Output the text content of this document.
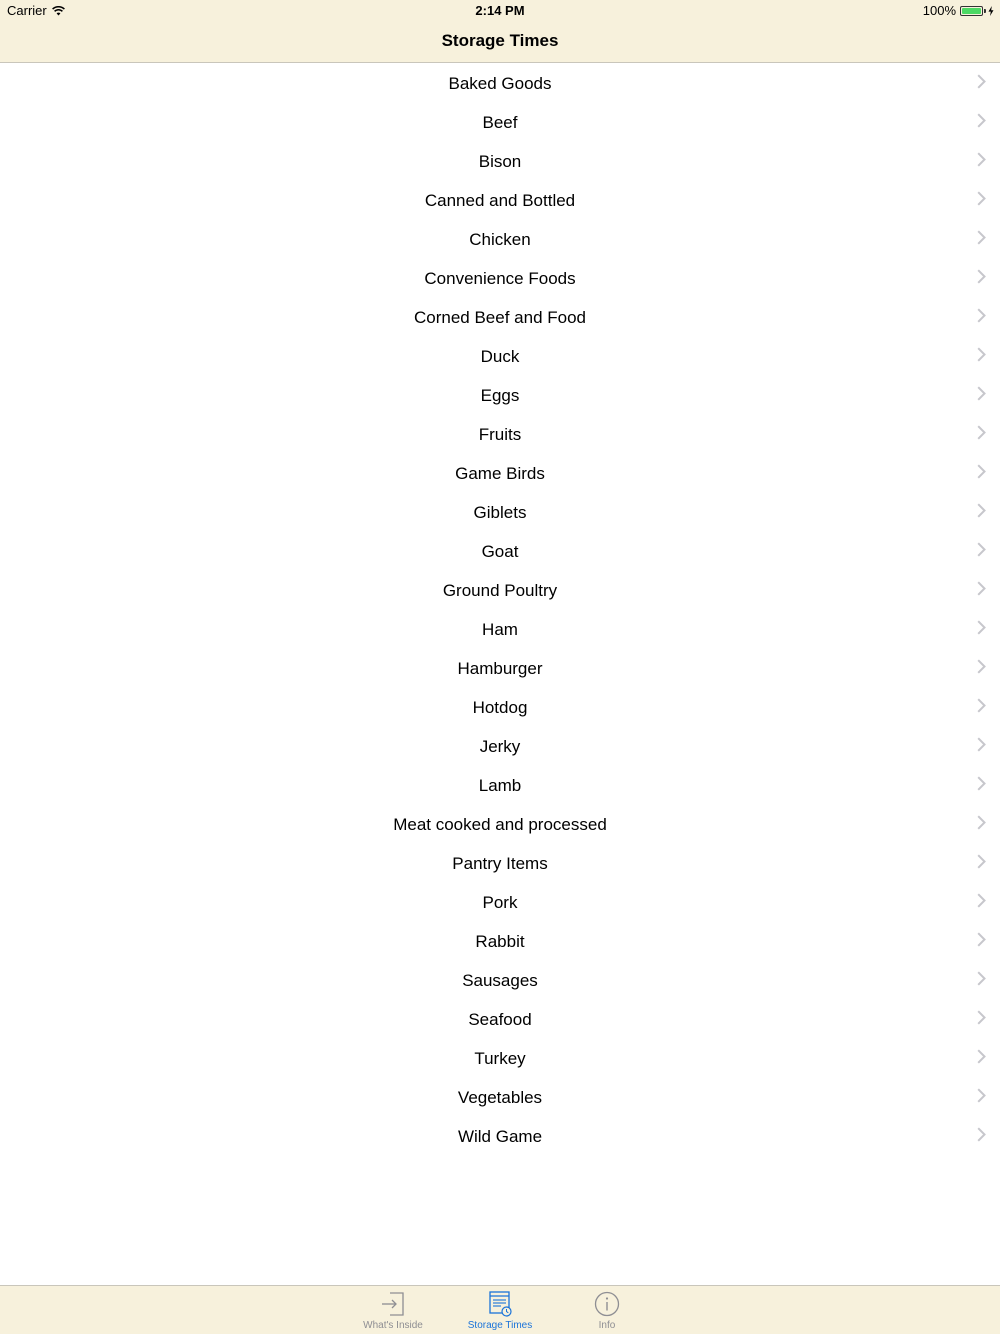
Carrier	2:14 PM	100%
Storage Times
Baked Goods
Beef
Bison
Canned and Bottled
Chicken
Convenience Foods
Corned Beef and Food
Duck
Eggs
Fruits
Game Birds
Giblets
Goat
Ground Poultry
Ham
Hamburger
Hotdog
Jerky
Lamb
Meat cooked and processed
Pantry Items
Pork
Rabbit
Sausages
Seafood
Turkey
Vegetables
Wild Game
What's Inside	Storage Times	Info
